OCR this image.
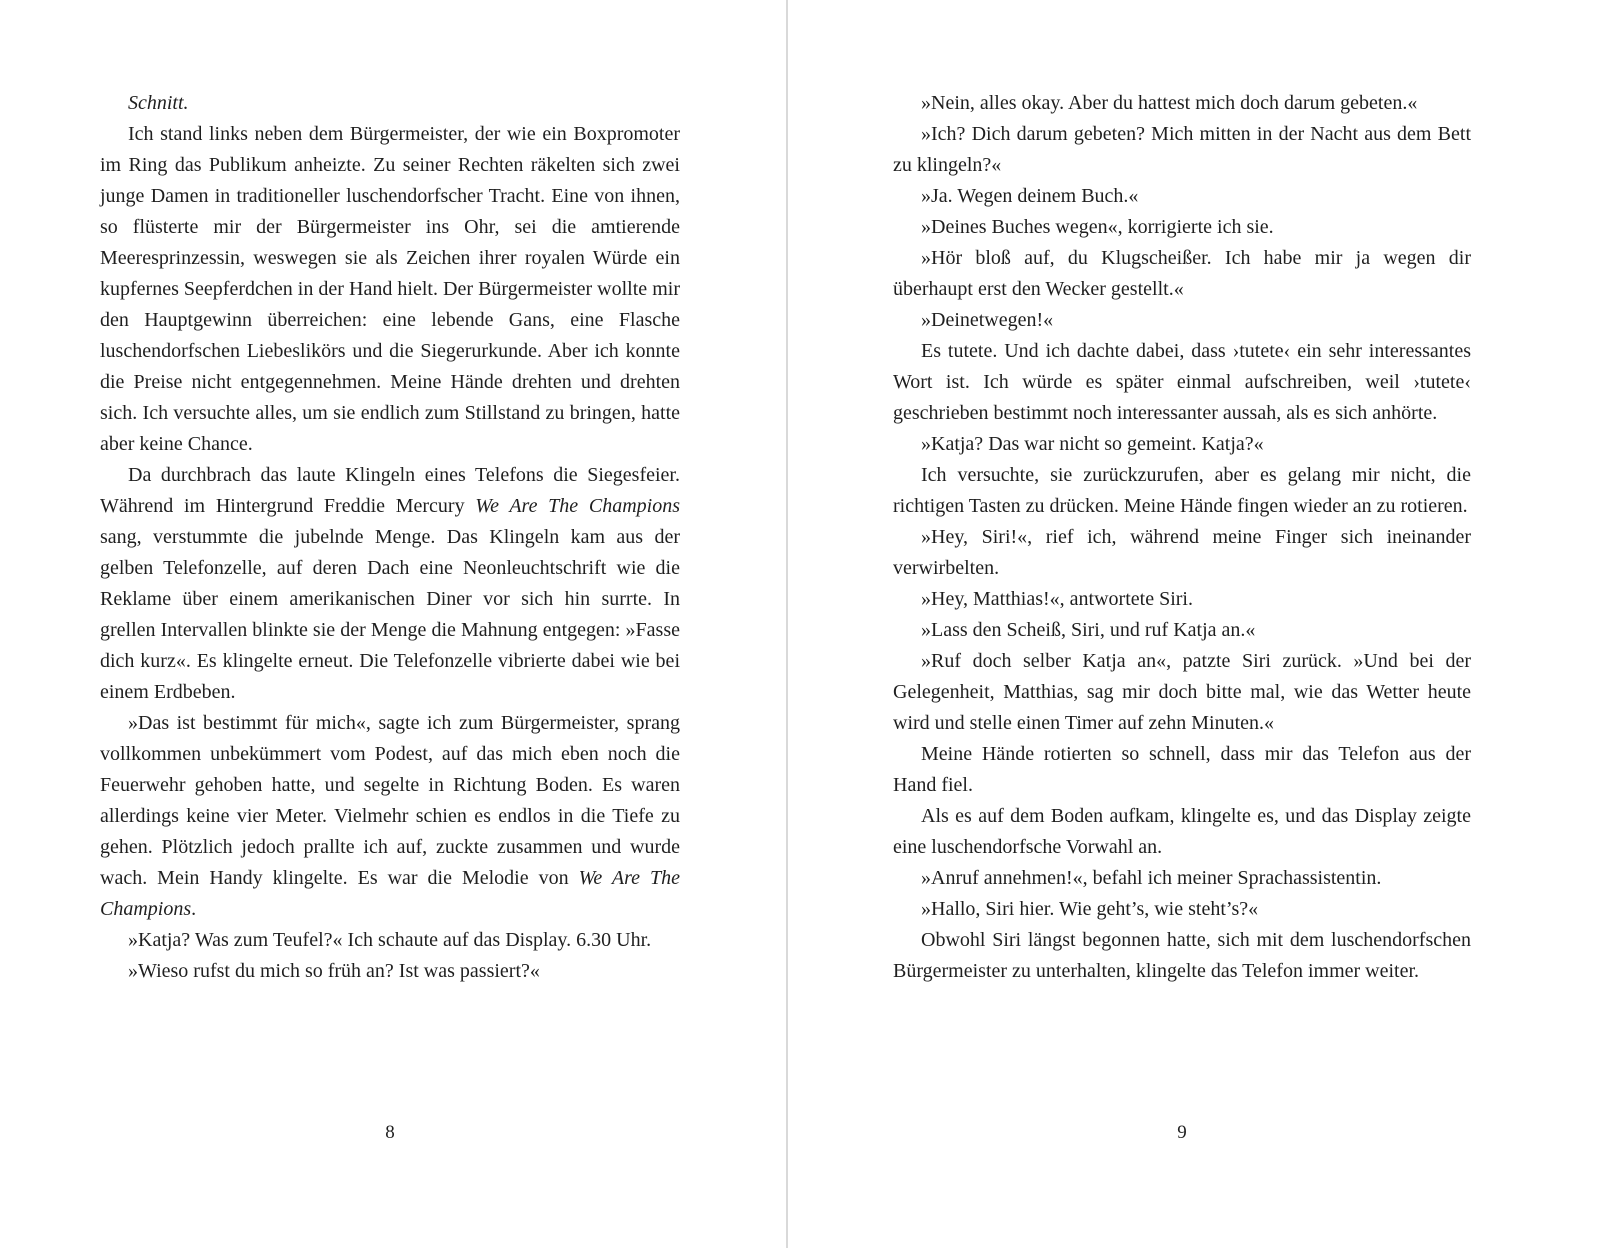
Schnitt.

Ich stand links neben dem Bürgermeister, der wie ein Boxpromoter im Ring das Publikum anheizte. Zu seiner Rechten räkelten sich zwei junge Damen in traditioneller luschendorfscher Tracht. Eine von ihnen, so flüsterte mir der Bürgermeister ins Ohr, sei die amtierende Meeresprinzessin, weswegen sie als Zeichen ihrer royalen Würde ein kupfernes Seepferdchen in der Hand hielt. Der Bürgermeister wollte mir den Hauptgewinn überreichen: eine lebende Gans, eine Flasche luschendorfschen Liebeslikörs und die Siegerurkunde. Aber ich konnte die Preise nicht entgegennehmen. Meine Hände drehten und drehten sich. Ich versuchte alles, um sie endlich zum Stillstand zu bringen, hatte aber keine Chance.

Da durchbrach das laute Klingeln eines Telefons die Siegesfeier. Während im Hintergrund Freddie Mercury We Are The Champions sang, verstummte die jubelnde Menge. Das Klingeln kam aus der gelben Telefonzelle, auf deren Dach eine Neonleuchtschrift wie die Reklame über einem amerikanischen Diner vor sich hin surrte. In grellen Intervallen blinkte sie der Menge die Mahnung entgegen: »Fasse dich kurz«. Es klingelte erneut. Die Telefonzelle vibrierte dabei wie bei einem Erdbeben.

»Das ist bestimmt für mich«, sagte ich zum Bürgermeister, sprang vollkommen unbekümmert vom Podest, auf das mich eben noch die Feuerwehr gehoben hatte, und segelte in Richtung Boden. Es waren allerdings keine vier Meter. Vielmehr schien es endlos in die Tiefe zu gehen. Plötzlich jedoch prallte ich auf, zuckte zusammen und wurde wach. Mein Handy klingelte. Es war die Melodie von We Are The Champions.

»Katja? Was zum Teufel?« Ich schaute auf das Display. 6.30 Uhr.

»Wieso rufst du mich so früh an? Ist was passiert?«

»Nein, alles okay. Aber du hattest mich doch darum gebeten.«

»Ich? Dich darum gebeten? Mich mitten in der Nacht aus dem Bett zu klingeln?«

»Ja. Wegen deinem Buch.«

»Deines Buches wegen«, korrigierte ich sie.

»Hör bloß auf, du Klugscheißer. Ich habe mir ja wegen dir überhaupt erst den Wecker gestellt.«

»Deinetwegen!«

Es tutete. Und ich dachte dabei, dass ›tutete‹ ein sehr interessantes Wort ist. Ich würde es später einmal aufschreiben, weil ›tutete‹ geschrieben bestimmt noch interessanter aussah, als es sich anhörte.

»Katja? Das war nicht so gemeint. Katja?«

Ich versuchte, sie zurückzurufen, aber es gelang mir nicht, die richtigen Tasten zu drücken. Meine Hände fingen wieder an zu rotieren.

»Hey, Siri!«, rief ich, während meine Finger sich ineinander verwirbelten.

»Hey, Matthias!«, antwortete Siri.

»Lass den Scheiß, Siri, und ruf Katja an.«

»Ruf doch selber Katja an«, patzte Siri zurück. »Und bei der Gelegenheit, Matthias, sag mir doch bitte mal, wie das Wetter heute wird und stelle einen Timer auf zehn Minuten.«

Meine Hände rotierten so schnell, dass mir das Telefon aus der Hand fiel.

Als es auf dem Boden aufkam, klingelte es, und das Display zeigte eine luschendorfsche Vorwahl an.

»Anruf annehmen!«, befahl ich meiner Sprachassistentin.

»Hallo, Siri hier. Wie geht’s, wie steht’s?«

Obwohl Siri längst begonnen hatte, sich mit dem luschendorfschen Bürgermeister zu unterhalten, klingelte das Telefon immer weiter.

8	9
